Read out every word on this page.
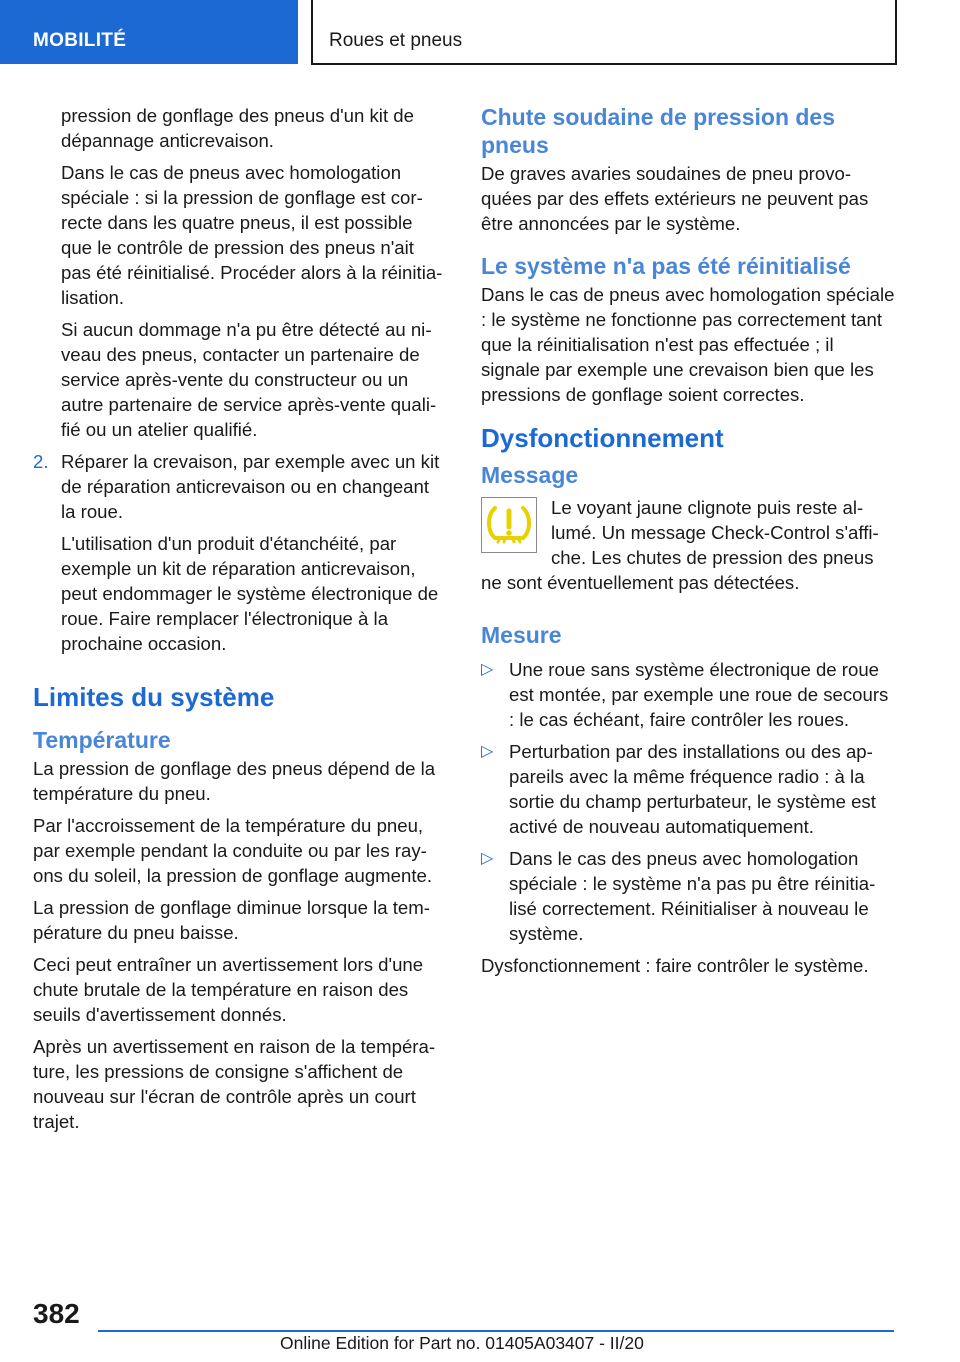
MOBILITÉ	Roues et pneus

pression de gonflage des pneus d'un kit de dépannage anticrevaison.

Dans le cas de pneus avec homologation spéciale : si la pression de gonflage est correcte dans les quatre pneus, il est possible que le contrôle de pression des pneus n'ait pas été réinitialisé. Procéder alors à la réinitialisation.

Si aucun dommage n'a pu être détecté au niveau des pneus, contacter un partenaire de service après-vente du constructeur ou un autre partenaire de service après-vente qualifié ou un atelier qualifié.

2. Réparer la crevaison, par exemple avec un kit de réparation anticrevaison ou en changeant la roue.

L'utilisation d'un produit d'étanchéité, par exemple un kit de réparation anticrevaison, peut endommager le système électronique de roue. Faire remplacer l'électronique à la prochaine occasion.

Limites du système
Température

La pression de gonflage des pneus dépend de la température du pneu.

Par l'accroissement de la température du pneu, par exemple pendant la conduite ou par les rayons du soleil, la pression de gonflage augmente.

La pression de gonflage diminue lorsque la température du pneu baisse.

Ceci peut entraîner un avertissement lors d'une chute brutale de la température en raison des seuils d'avertissement donnés.

Après un avertissement en raison de la température, les pressions de consigne s'affichent de nouveau sur l'écran de contrôle après un court trajet.

Chute soudaine de pression des pneus

De graves avaries soudaines de pneu provoquées par des effets extérieurs ne peuvent pas être annoncées par le système.

Le système n'a pas été réinitialisé

Dans le cas de pneus avec homologation spéciale : le système ne fonctionne pas correctement tant que la réinitialisation n'est pas effectuée ; il signale par exemple une crevaison bien que les pressions de gonflage soient correctes.

Dysfonctionnement
Message
Le voyant jaune clignote puis reste allumé. Un message Check-Control s'affiche. Les chutes de pression des pneus ne sont éventuellement pas détectées.
Mesure
▷ Une roue sans système électronique de roue est montée, par exemple une roue de secours : le cas échéant, faire contrôler les roues.
▷ Perturbation par des installations ou des appareils avec la même fréquence radio : à la sortie du champ perturbateur, le système est activé de nouveau automatiquement.
▷ Dans le cas des pneus avec homologation spéciale : le système n'a pas pu être réinitialisé correctement. Réinitialiser à nouveau le système.

Dysfonctionnement : faire contrôler le système.

382
Online Edition for Part no. 01405A03407 - II/20
